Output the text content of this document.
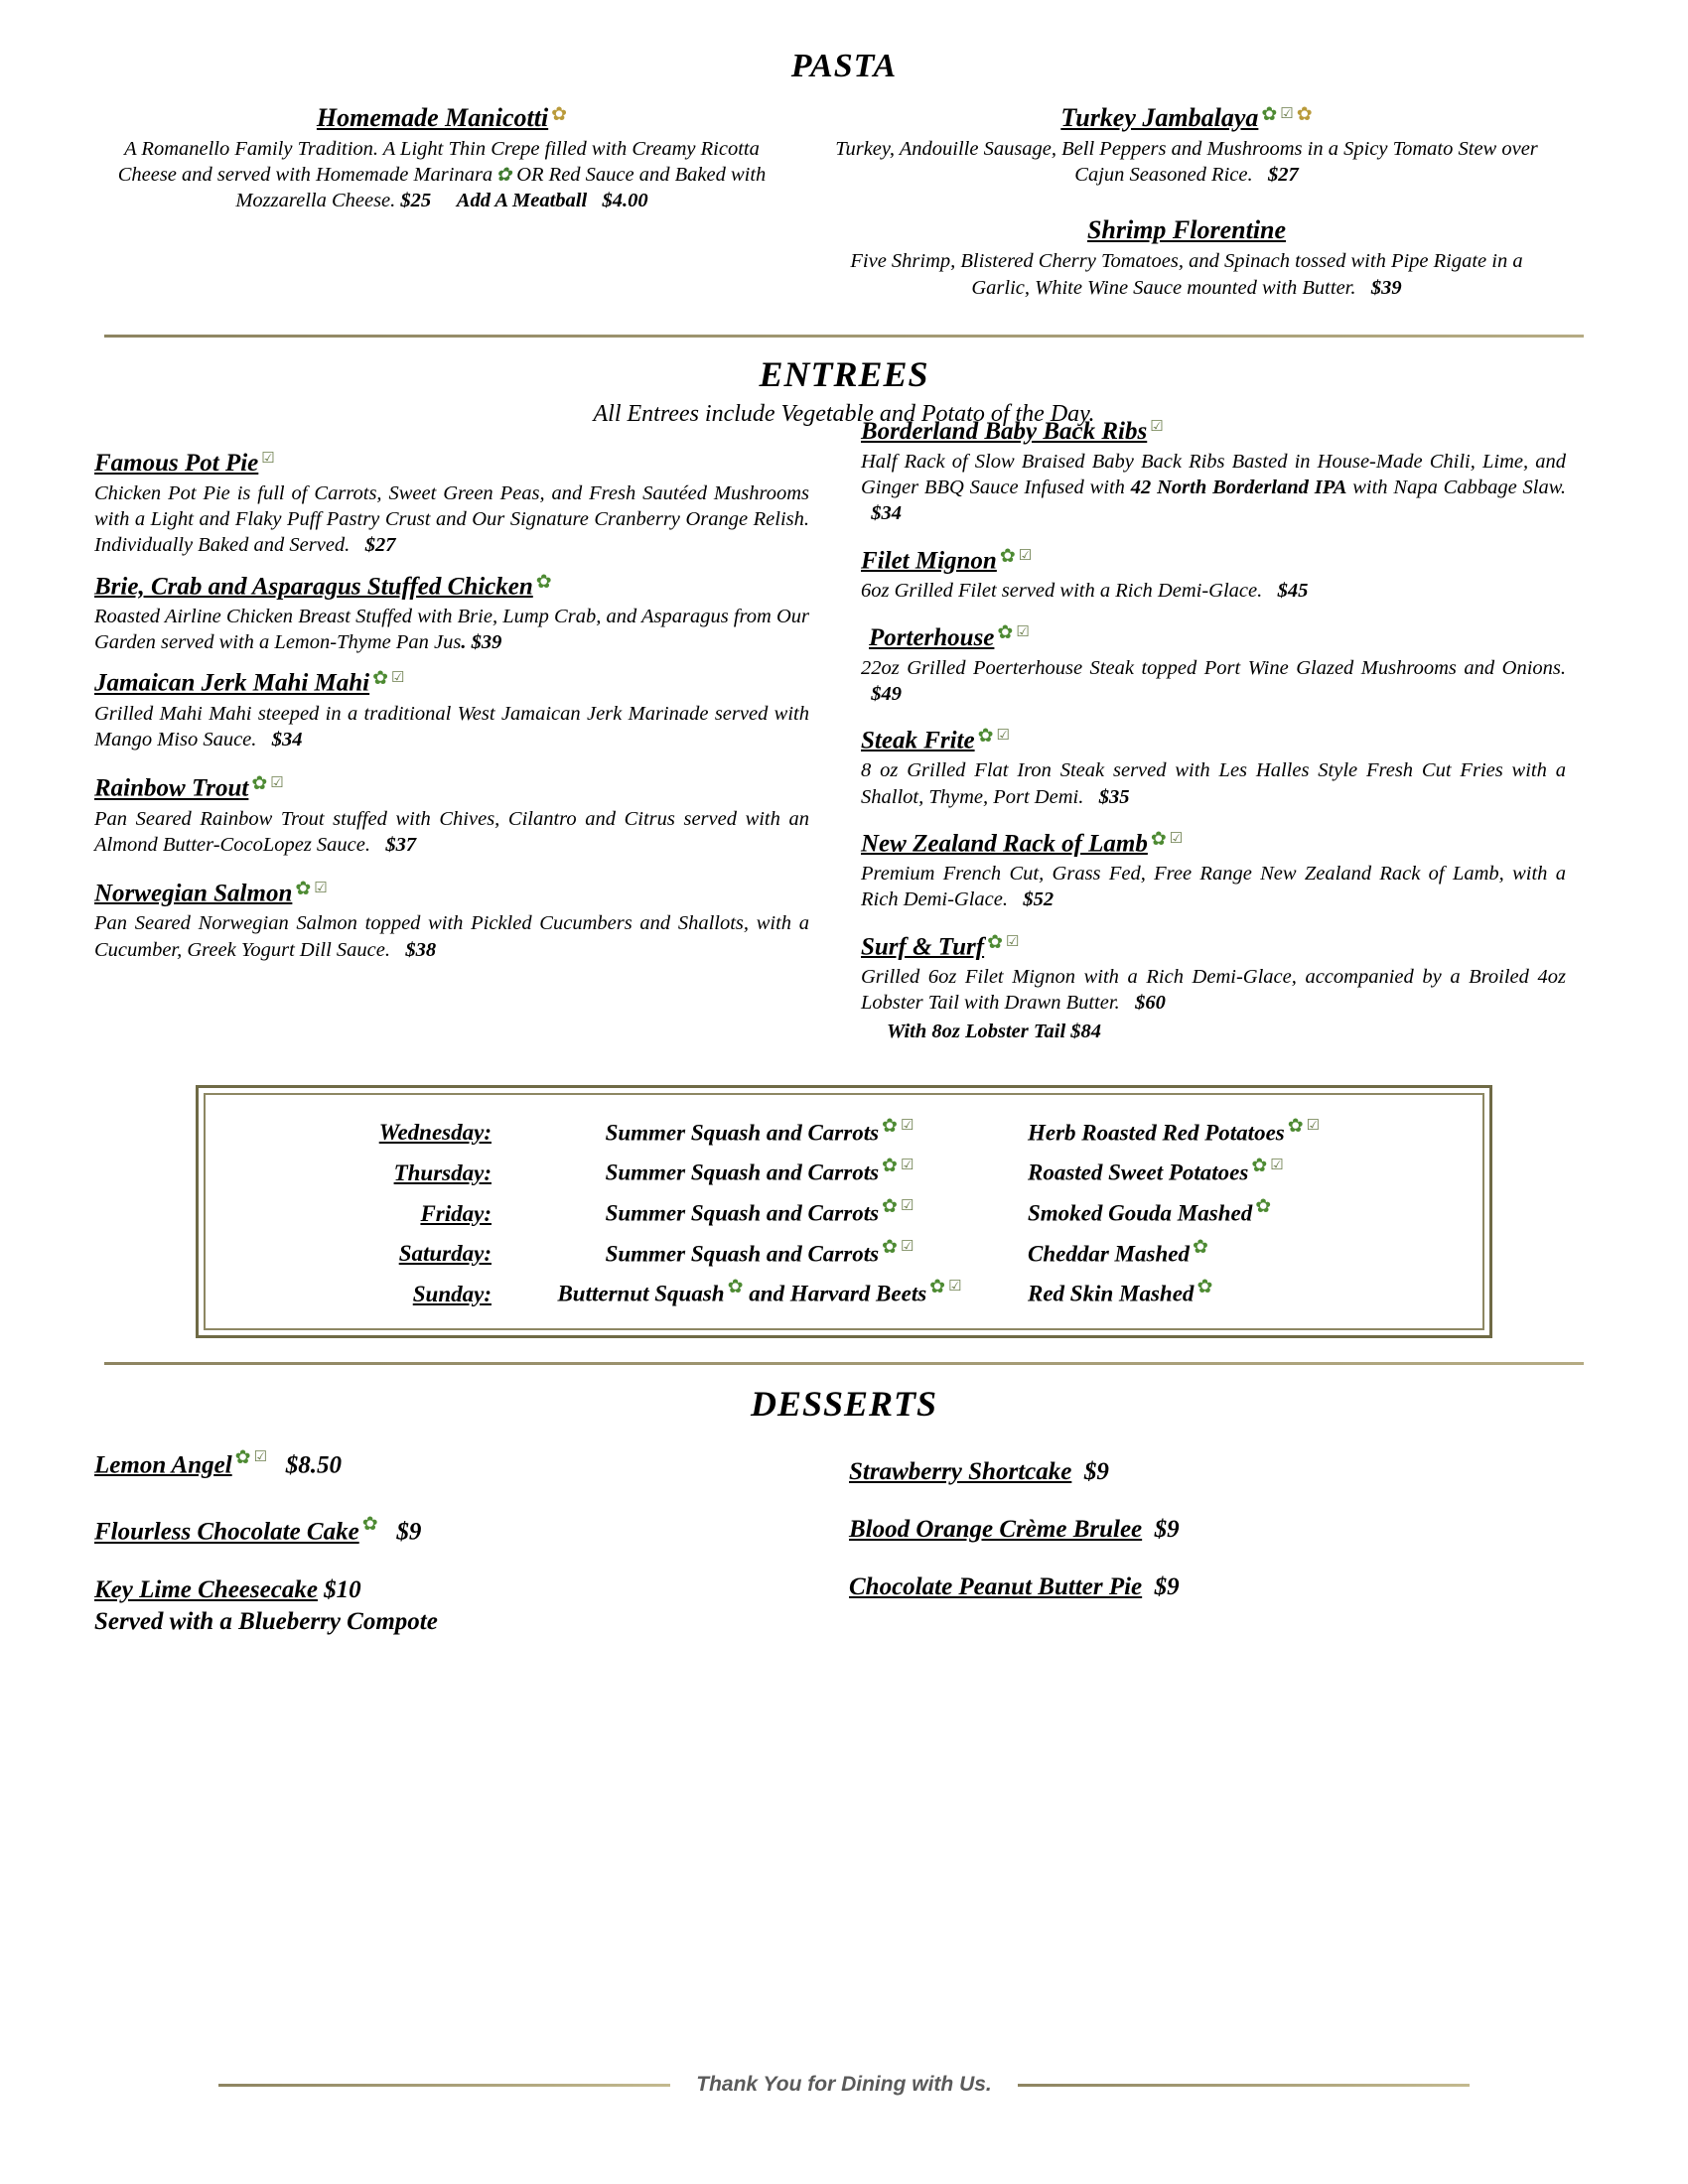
PASTA
Homemade Manicotti ✿
A Romanello Family Tradition. A Light Thin Crepe filled with Creamy Ricotta Cheese and served with Homemade Marinara ✿ OR Red Sauce and Baked with Mozzarella Cheese. $25 Add A Meatball $4.00
Turkey Jambalaya ✿ ☑ ✿
Turkey, Andouille Sausage, Bell Peppers and Mushrooms in a Spicy Tomato Stew over Cajun Seasoned Rice. $27
Shrimp Florentine
Five Shrimp, Blistered Cherry Tomatoes, and Spinach tossed with Pipe Rigate in a Garlic, White Wine Sauce mounted with Butter. $39
ENTREES
All Entrees include Vegetable and Potato of the Day.
Famous Pot Pie ☑
Chicken Pot Pie is full of Carrots, Sweet Green Peas, and Fresh Sautéed Mushrooms with a Light and Flaky Puff Pastry Crust and Our Signature Cranberry Orange Relish. Individually Baked and Served. $27
Brie, Crab and Asparagus Stuffed Chicken ✿
Roasted Airline Chicken Breast Stuffed with Brie, Lump Crab, and Asparagus from Our Garden served with a Lemon-Thyme Pan Jus. $39
Jamaican Jerk Mahi Mahi ✿ ☑
Grilled Mahi Mahi steeped in a traditional West Jamaican Jerk Marinade served with Mango Miso Sauce. $34
Rainbow Trout ✿ ☑
Pan Seared Rainbow Trout stuffed with Chives, Cilantro and Citrus served with an Almond Butter-CocoLopez Sauce. $37
Norwegian Salmon ✿ ☑
Pan Seared Norwegian Salmon topped with Pickled Cucumbers and Shallots, with a Cucumber, Greek Yogurt Dill Sauce. $38
Borderland Baby Back Ribs ☑
Half Rack of Slow Braised Baby Back Ribs Basted in House-Made Chili, Lime, and Ginger BBQ Sauce Infused with 42 North Borderland IPA with Napa Cabbage Slaw.   $34
Filet Mignon ✿ ☑
6oz Grilled Filet served with a Rich Demi-Glace. $45
Porterhouse ✿ ☑
22oz Grilled Poerterhouse Steak topped Port Wine Glazed Mushrooms and Onions.   $49
Steak Frite ✿ ☑
8 oz Grilled Flat Iron Steak served with Les Halles Style Fresh Cut Fries with a Shallot, Thyme, Port Demi. $35
New Zealand Rack of Lamb ✿ ☑
Premium French Cut, Grass Fed, Free Range New Zealand Rack of Lamb, with a Rich Demi-Glace. $52
Surf & Turf ✿ ☑
Grilled 6oz Filet Mignon with a Rich Demi-Glace, accompanied by a Broiled 4oz Lobster Tail with Drawn Butter. $60
With 8oz Lobster Tail $84
Wednesday:	Summer Squash and Carrots ✿ ☑	Herb Roasted Red Potatoes ✿ ☑
Thursday:	Summer Squash and Carrots ✿ ☑	Roasted Sweet Potatoes ✿ ☑
Friday:	Summer Squash and Carrots ✿ ☑	Smoked Gouda Mashed ✿
Saturday:	Summer Squash and Carrots ✿ ☑	Cheddar Mashed ✿
Sunday:	Butternut Squash ✿ and Harvard Beets ✿ ☑	Red Skin Mashed ✿
DESSERTS
Lemon Angel ✿ ☑ $8.50
Flourless Chocolate Cake ✿ $9
Key Lime Cheesecake $10
Served with a Blueberry Compote
Strawberry Shortcake $9
Blood Orange Crème Brulee $9
Chocolate Peanut Butter Pie $9
Thank You for Dining with Us.
